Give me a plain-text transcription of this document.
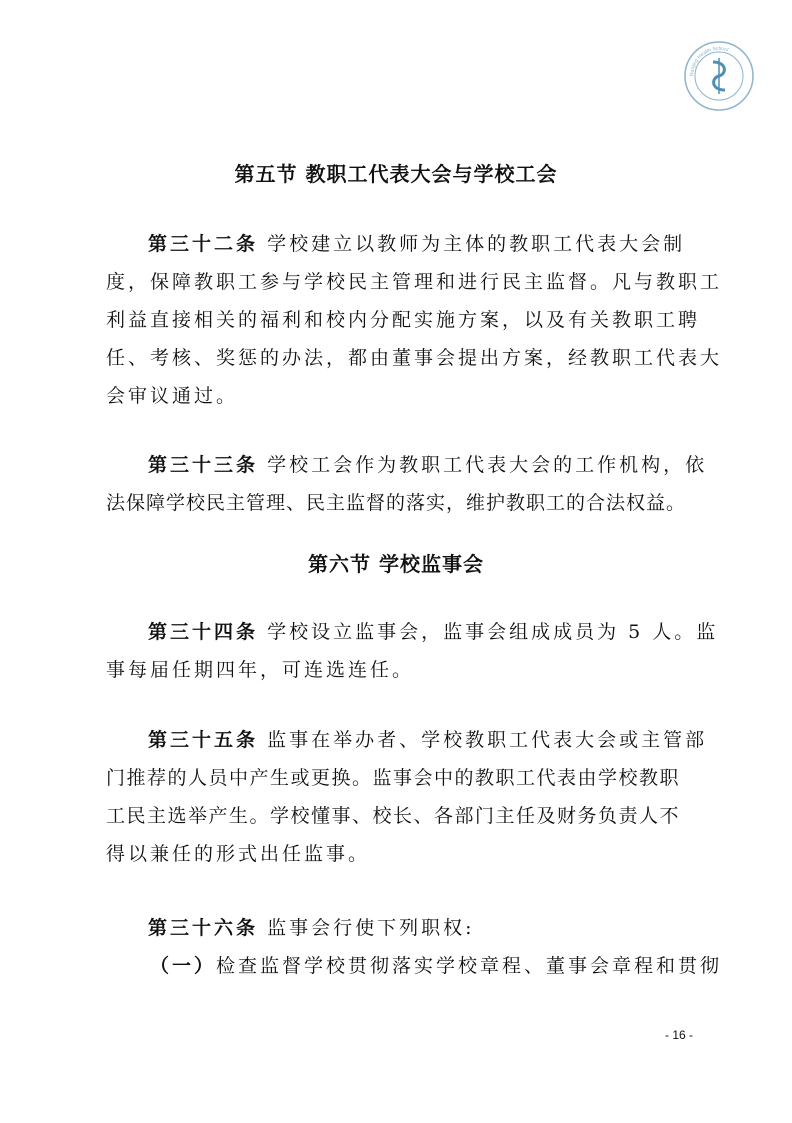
Nanjing Health School
第五节 教职工代表大会与学校工会
第三十二条 学校建立以教师为主体的教职工代表大会制
度，保障教职工参与学校民主管理和进行民主监督。凡与教职工
利益直接相关的福利和校内分配实施方案，以及有关教职工聘
任、考核、奖惩的办法，都由董事会提出方案，经教职工代表大
会审议通过。
第三十三条 学校工会作为教职工代表大会的工作机构，依
法保障学校民主管理、民主监督的落实，维护教职工的合法权益。
第六节 学校监事会
第三十四条 学校设立监事会，监事会组成成员为 5 人。监
事每届任期四年，可连选连任。
第三十五条 监事在举办者、学校教职工代表大会或主管部
门推荐的人员中产生或更换。监事会中的教职工代表由学校教职
工民主选举产生。学校懂事、校长、各部门主任及财务负责人不
得以兼任的形式出任监事。
第三十六条 监事会行使下列职权:
（一）检查监督学校贯彻落实学校章程、董事会章程和贯彻
- 16 -
